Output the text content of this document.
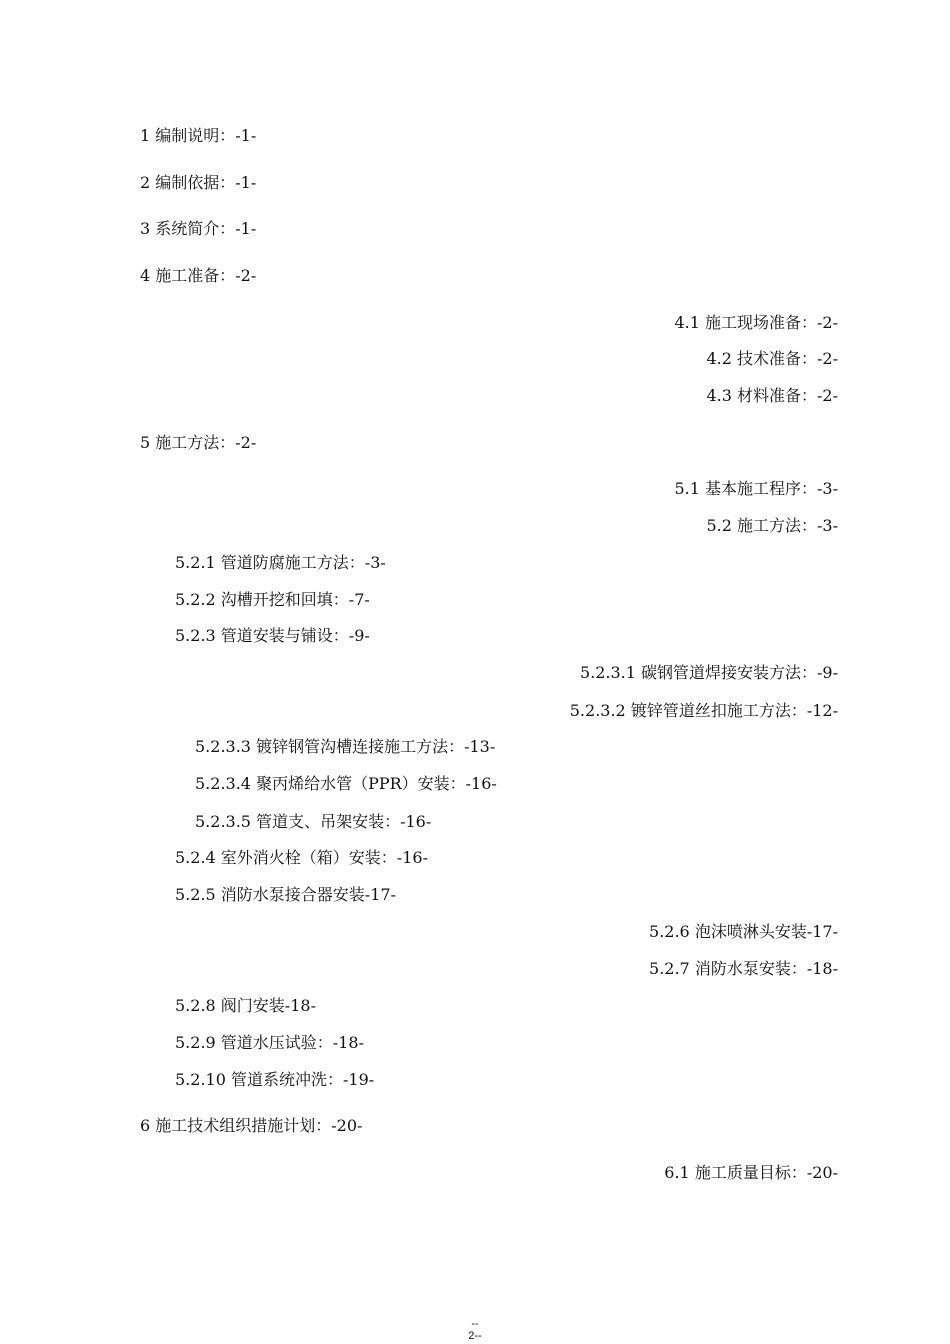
1 编制说明：-1-
2 编制依据：-1-
3 系统简介：-1-
4 施工准备：-2-
4.1 施工现场准备：-2-
4.2 技术准备：-2-
4.3 材料准备：-2-
5 施工方法：-2-
5.1 基本施工程序：-3-
5.2 施工方法：-3-
5.2.1 管道防腐施工方法：-3-
5.2.2 沟槽开挖和回填：-7-
5.2.3 管道安装与铺设：-9-
5.2.3.1 碳钢管道焊接安装方法：-9-
5.2.3.2 镀锌管道丝扣施工方法：-12-
5.2.3.3 镀锌钢管沟槽连接施工方法：-13-
5.2.3.4 聚丙烯给水管（PPR）安装：-16-
5.2.3.5 管道支、吊架安装：-16-
5.2.4 室外消火栓（箱）安装：-16-
5.2.5 消防水泵接合器安装-17-
5.2.6 泡沫喷淋头安装-17-
5.2.7 消防水泵安装：-18-
5.2.8 阀门安装-18-
5.2.9 管道水压试验：-18-
5.2.10 管道系统冲洗：-19-
6 施工技术组织措施计划：-20-
6.1 施工质量目标：-20-
--
2--
